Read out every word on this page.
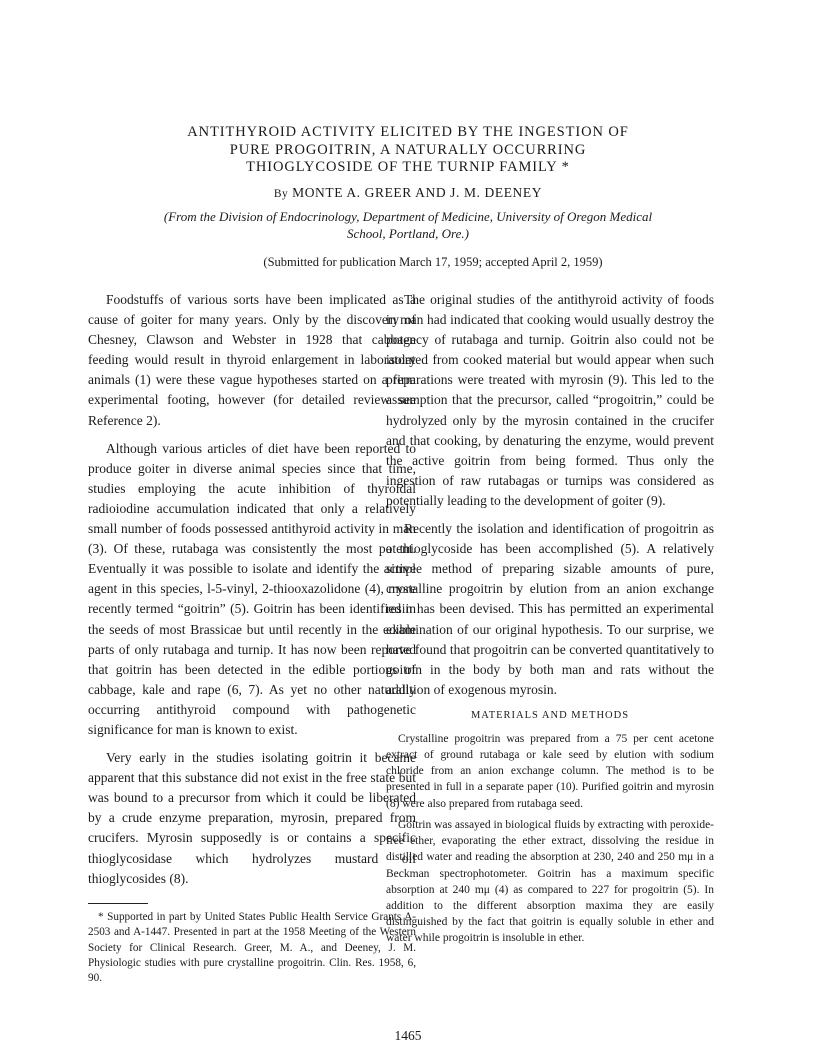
ANTITHYROID ACTIVITY ELICITED BY THE INGESTION OF
PURE PROGOITRIN, A NATURALLY OCCURRING
THIOGLYCOSIDE OF THE TURNIP FAMILY *
By MONTE A. GREER AND J. M. DEENEY
(From the Division of Endocrinology, Department of Medicine, University of Oregon Medical
School, Portland, Ore.)
(Submitted for publication March 17, 1959; accepted April 2, 1959)

Foodstuffs of various sorts have been implicated as a cause of goiter for many years. Only by the discovery of Chesney, Clawson and Webster in 1928 that cabbage feeding would result in thyroid enlargement in laboratory animals (1) were these vague hypotheses started on a firm experimental footing, however (for detailed review see Reference 2).

Although various articles of diet have been reported to produce goiter in diverse animal species since that time, studies employing the acute inhibition of thyroidal radioiodine accumulation indicated that only a relatively small number of foods possessed antithyroid activity in man (3). Of these, rutabaga was consistently the most potent. Eventually it was possible to isolate and identify the active agent in this species, l-5-vinyl, 2-thiooxazolidone (4), more recently termed “goitrin” (5). Goitrin has been identified in the seeds of most Brassicae but until recently in the edible parts of only rutabaga and turnip. It has now been reported that goitrin has been detected in the edible portions of cabbage, kale and rape (6, 7). As yet no other naturally occurring antithyroid compound with pathogenetic significance for man is known to exist.

Very early in the studies isolating goitrin it became apparent that this substance did not exist in the free state but was bound to a precursor from which it could be liberated by a crude enzyme preparation, myrosin, prepared from crucifers. Myrosin supposedly is or contains a specific thioglycosidase which hydrolyzes mustard oil thioglycosides (8).

* Supported in part by United States Public Health Service Grants A-2503 and A-1447. Presented in part at the 1958 Meeting of the Western Society for Clinical Research. Greer, M. A., and Deeney, J. M. Physiologic studies with pure crystalline progoitrin. Clin. Res. 1958, 6, 90.

The original studies of the antithyroid activity of foods in man had indicated that cooking would usually destroy the potency of rutabaga and turnip. Goitrin also could not be isolated from cooked material but would appear when such preparations were treated with myrosin (9). This led to the assumption that the precursor, called “progoitrin,” could be hydrolyzed only by the myrosin contained in the crucifer and that cooking, by denaturing the enzyme, would prevent the active goitrin from being formed. Thus only the ingestion of raw rutabagas or turnips was considered as potentially leading to the development of goiter (9).

Recently the isolation and identification of progoitrin as a thioglycoside has been accomplished (5). A relatively simple method of preparing sizable amounts of pure, crystalline progoitrin by elution from an anion exchange resin has been devised. This has permitted an experimental examination of our original hypothesis. To our surprise, we have found that progoitrin can be converted quantitatively to goitrin in the body by both man and rats without the addition of exogenous myrosin.

MATERIALS AND METHODS

Crystalline progoitrin was prepared from a 75 per cent acetone extract of ground rutabaga or kale seed by elution with sodium chloride from an anion exchange column. The method is to be presented in full in a separate paper (10). Purified goitrin and myrosin (8) were also prepared from rutabaga seed.

Goitrin was assayed in biological fluids by extracting with peroxide-free ether, evaporating the ether extract, dissolving the residue in distilled water and reading the absorption at 230, 240 and 250 mμ in a Beckman spectrophotometer. Goitrin has a maximum specific absorption at 240 mμ (4) as compared to 227 for progoitrin (5). In addition to the different absorption maxima they are easily distinguished by the fact that goitrin is equally soluble in ether and water while progoitrin is insoluble in ether.

1465
